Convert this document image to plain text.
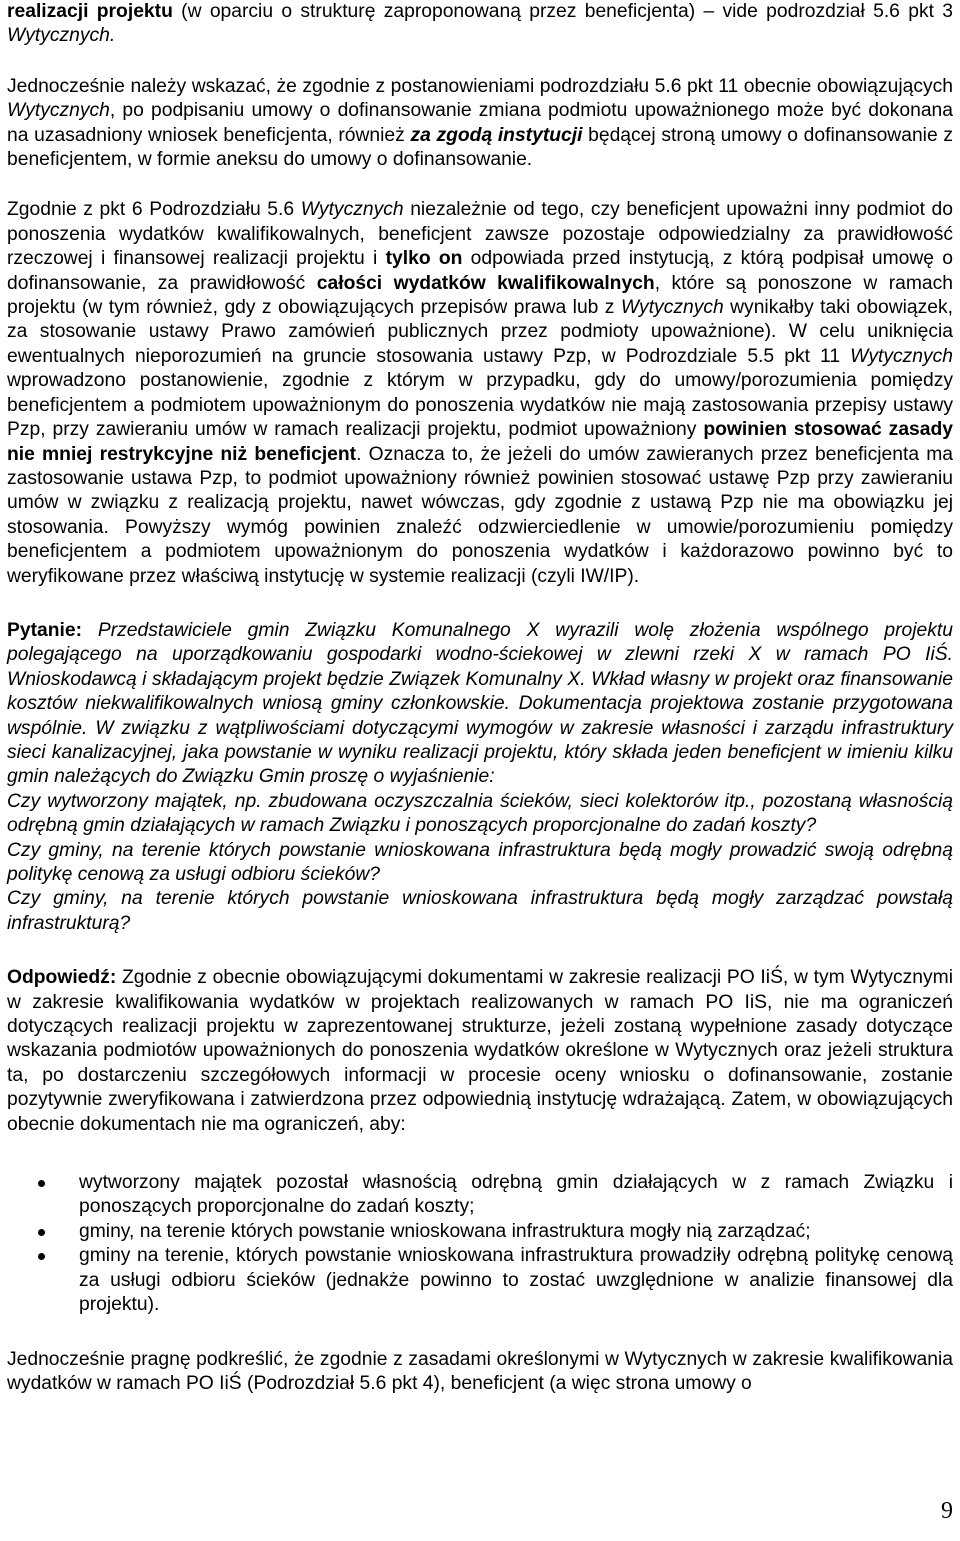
realizacji projektu (w oparciu o strukturę zaproponowaną przez beneficjenta) – vide podrozdział 5.6 pkt 3 Wytycznych.

Jednocześnie należy wskazać, że zgodnie z postanowieniami podrozdziału 5.6 pkt 11 obecnie obowiązujących Wytycznych, po podpisaniu umowy o dofinansowanie zmiana podmiotu upoważnionego może być dokonana na uzasadniony wniosek beneficjenta, również za zgodą instytucji będącej stroną umowy o dofinansowanie z beneficjentem, w formie aneksu do umowy o dofinansowanie.

Zgodnie z pkt 6 Podrozdziału 5.6 Wytycznych niezależnie od tego, czy beneficjent upoważni inny podmiot do ponoszenia wydatków kwalifikowalnych, beneficjent zawsze pozostaje odpowiedzialny za prawidłowość rzeczowej i finansowej realizacji projektu i tylko on odpowiada przed instytucją, z którą podpisał umowę o dofinansowanie, za prawidłowość całości wydatków kwalifikowalnych, które są ponoszone w ramach projektu (w tym również, gdy z obowiązujących przepisów prawa lub z Wytycznych wynikałby taki obowiązek, za stosowanie ustawy Prawo zamówień publicznych przez podmioty upoważnione). W celu uniknięcia ewentualnych nieporozumień na gruncie stosowania ustawy Pzp, w Podrozdziale 5.5 pkt 11 Wytycznych wprowadzono postanowienie, zgodnie z którym w przypadku, gdy do umowy/porozumienia pomiędzy beneficjentem a podmiotem upoważnionym do ponoszenia wydatków nie mają zastosowania przepisy ustawy Pzp, przy zawieraniu umów w ramach realizacji projektu, podmiot upoważniony powinien stosować zasady nie mniej restrykcyjne niż beneficjent. Oznacza to, że jeżeli do umów zawieranych przez beneficjenta ma zastosowanie ustawa Pzp, to podmiot upoważniony również powinien stosować ustawę Pzp przy zawieraniu umów w związku z realizacją projektu, nawet wówczas, gdy zgodnie z ustawą Pzp nie ma obowiązku jej stosowania. Powyższy wymóg powinien znaleźć odzwierciedlenie w umowie/porozumieniu pomiędzy beneficjentem a podmiotem upoważnionym do ponoszenia wydatków i każdorazowo powinno być to weryfikowane przez właściwą instytucję w systemie realizacji (czyli IW/IP).

Pytanie: Przedstawiciele gmin Związku Komunalnego X wyrazili wolę złożenia wspólnego projektu polegającego na uporządkowaniu gospodarki wodno-ściekowej w zlewni rzeki X w ramach PO IiŚ. Wnioskodawcą i składającym projekt będzie Związek Komunalny X. Wkład własny w projekt oraz finansowanie kosztów niekwalifikowalnych wniosą gminy członkowskie. Dokumentacja projektowa zostanie przygotowana wspólnie. W związku z wątpliwościami dotyczącymi wymogów w zakresie własności i zarządu infrastruktury sieci kanalizacyjnej, jaka powstanie w wyniku realizacji projektu, który składa jeden beneficjent w imieniu kilku gmin należących do Związku Gmin proszę o wyjaśnienie:

Czy wytworzony majątek, np. zbudowana oczyszczalnia ścieków, sieci kolektorów itp., pozostaną własnością odrębną gmin działających w ramach Związku i ponoszących proporcjonalne do zadań koszty?

Czy gminy, na terenie których powstanie wnioskowana infrastruktura będą mogły prowadzić swoją odrębną politykę cenową za usługi odbioru ścieków?

Czy gminy, na terenie których powstanie wnioskowana infrastruktura będą mogły zarządzać powstałą infrastrukturą?

Odpowiedź: Zgodnie z obecnie obowiązującymi dokumentami w zakresie realizacji PO IiŚ, w tym Wytycznymi w zakresie kwalifikowania wydatków w projektach realizowanych w ramach PO IiS, nie ma ograniczeń dotyczących realizacji projektu w zaprezentowanej strukturze, jeżeli zostaną wypełnione zasady dotyczące wskazania podmiotów upoważnionych do ponoszenia wydatków określone w Wytycznych oraz jeżeli struktura ta, po dostarczeniu szczegółowych informacji w procesie oceny wniosku o dofinansowanie, zostanie pozytywnie zweryfikowana i zatwierdzona przez odpowiednią instytucję wdrażającą. Zatem, w obowiązujących obecnie dokumentach nie ma ograniczeń, aby:

wytworzony majątek pozostał własnością odrębną gmin działających w z ramach Związku i ponoszących proporcjonalne do zadań koszty;
gminy, na terenie których powstanie wnioskowana infrastruktura mogły nią zarządzać;
gminy na terenie, których powstanie wnioskowana infrastruktura prowadziły odrębną politykę cenową za usługi odbioru ścieków (jednakże powinno to zostać uwzględnione w analizie finansowej dla projektu).

Jednocześnie pragnę podkreślić, że zgodnie z zasadami określonymi w Wytycznych w zakresie kwalifikowania wydatków w ramach PO IiŚ (Podrozdział 5.6 pkt 4), beneficjent (a więc strona umowy o

9
